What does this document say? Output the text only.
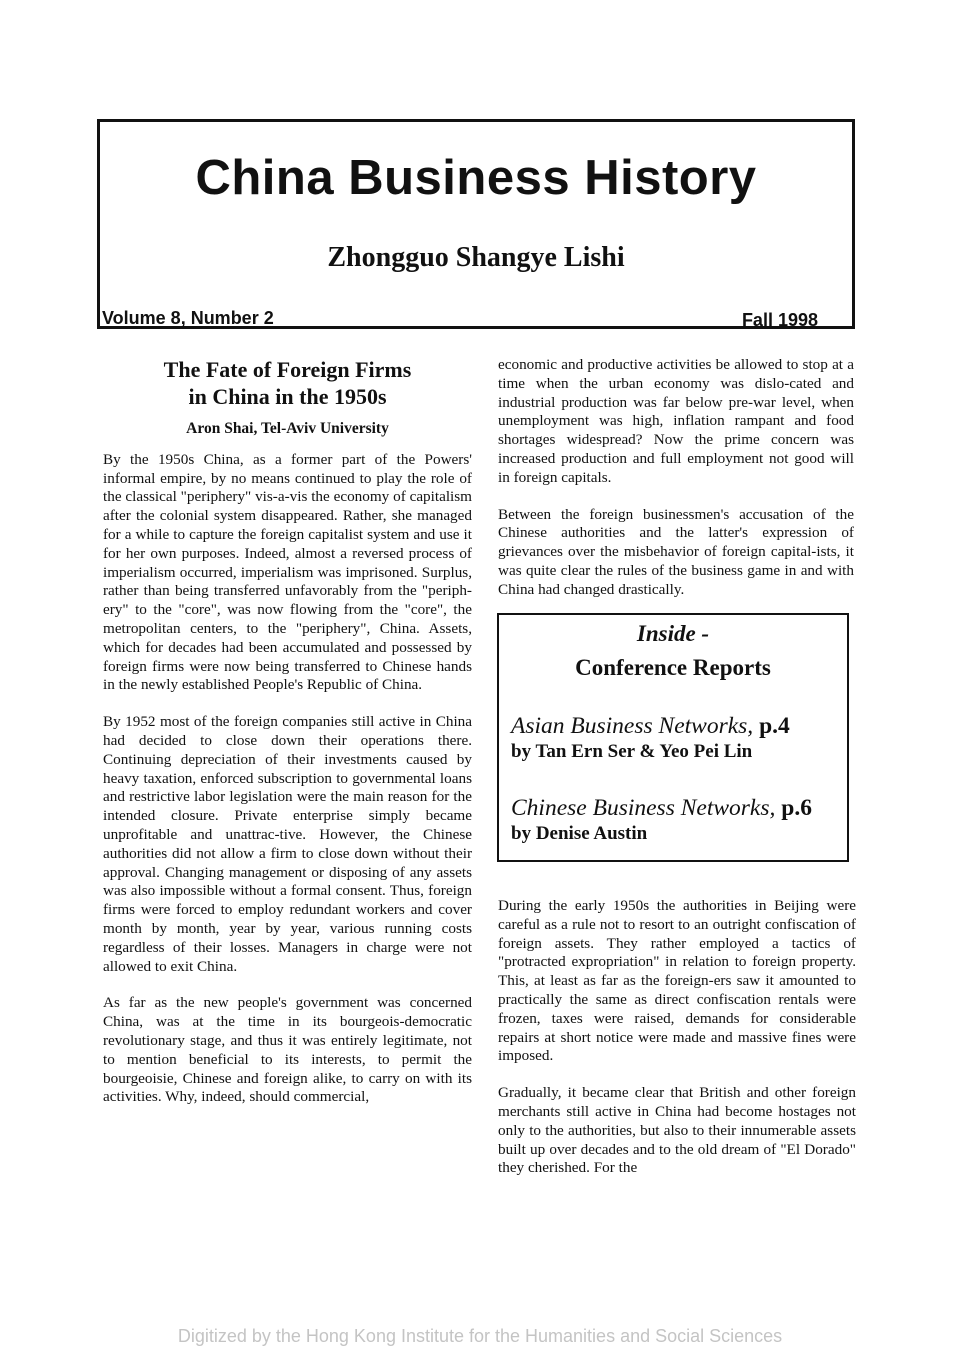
China Business History
Zhongguo Shangye Lishi
Volume 8, Number 2	Fall 1998
The Fate of Foreign Firms
in China in the 1950s
Aron Shai, Tel-Aviv University

By the 1950s China, as a former part of the Powers' informal empire, by no means continued to play the role of the classical "periphery" vis-a-vis the economy of capitalism after the colonial system disappeared. Rather, she managed for a while to capture the foreign capitalist system and use it for her own purposes. Indeed, almost a reversed process of imperialism occurred, imperialism was imprisoned. Surplus, rather than being transferred unfavorably from the "periph-ery" to the "core", was now flowing from the "core", the metropolitan centers, to the "periphery", China. Assets, which for decades had been accumulated and possessed by foreign firms were now being transferred to Chinese hands in the newly established People's Republic of China.

By 1952 most of the foreign companies still active in China had decided to close down their operations there. Continuing depreciation of their investments caused by heavy taxation, enforced subscription to governmental loans and restrictive labor legislation were the main reason for the intended closure. Private enterprise simply became unprofitable and unattrac-tive. However, the Chinese authorities did not allow a firm to close down without their approval. Changing management or disposing of any assets was also impossible without a formal consent. Thus, foreign firms were forced to employ redundant workers and cover month by month, year by year, various running costs regardless of their losses. Managers in charge were not allowed to exit China.

As far as the new people's government was concerned China, was at the time in its bourgeois-democratic revolutionary stage, and thus it was entirely legitimate, not to mention beneficial to its interests, to permit the bourgeoisie, Chinese and foreign alike, to carry on with its activities. Why, indeed, should commercial,

economic and productive activities be allowed to stop at a time when the urban economy was dislo-cated and industrial production was far below pre-war level, when unemployment was high, inflation rampant and food shortages widespread? Now the prime concern was increased production and full employment not good will in foreign capitals.

Between the foreign businessmen's accusation of the Chinese authorities and the latter's expression of grievances over the misbehavior of foreign capital-ists, it was quite clear the rules of the business game in and with China had changed drastically.

Inside -
Conference Reports
Asian Business Networks, p.4
by Tan Ern Ser & Yeo Pei Lin
Chinese Business Networks, p.6
by Denise Austin

During the early 1950s the authorities in Beijing were careful as a rule not to resort to an outright confiscation of foreign assets. They rather employed a tactics of "protracted expropriation" in relation to foreign property. This, at least as far as the foreign-ers saw it amounted to practically the same as direct confiscation rentals were frozen, taxes were raised, demands for considerable repairs at short notice were made and massive fines were imposed.

Gradually, it became clear that British and other foreign merchants still active in China had become hostages not only to the authorities, but also to their innumerable assets built up over decades and to the old dream of "El Dorado" they cherished. For the

Digitized by the Hong Kong Institute for the Humanities and Social Sciences
